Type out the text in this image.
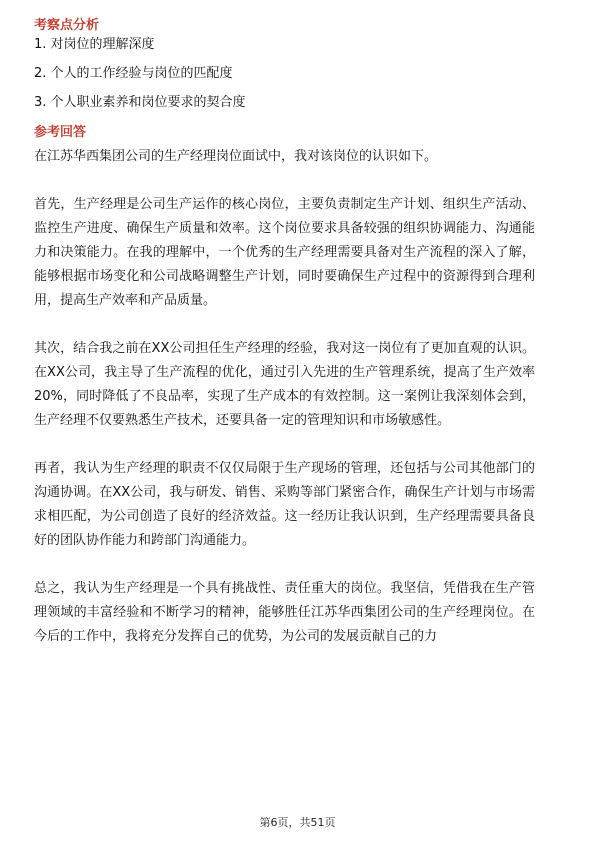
考察点分析

1. 对岗位的理解深度

2. 个人的工作经验与岗位的匹配度

3. 个人职业素养和岗位要求的契合度

参考回答

在江苏华西集团公司的生产经理岗位面试中，我对该岗位的认识如下。

首先，生产经理是公司生产运作的核心岗位，主要负责制定生产计划、组织生产活动、监控生产进度、确保生产质量和效率。这个岗位要求具备较强的组织协调能力、沟通能力和决策能力。在我的理解中，一个优秀的生产经理需要具备对生产流程的深入了解，能够根据市场变化和公司战略调整生产计划，同时要确保生产过程中的资源得到合理利用，提高生产效率和产品质量。

其次，结合我之前在XX公司担任生产经理的经验，我对这一岗位有了更加直观的认识。在XX公司，我主导了生产流程的优化，通过引入先进的生产管理系统，提高了生产效率20%，同时降低了不良品率，实现了生产成本的有效控制。这一案例让我深刻体会到，生产经理不仅要熟悉生产技术，还要具备一定的管理知识和市场敏感性。

再者，我认为生产经理的职责不仅仅局限于生产现场的管理，还包括与公司其他部门的沟通协调。在XX公司，我与研发、销售、采购等部门紧密合作，确保生产计划与市场需求相匹配，为公司创造了良好的经济效益。这一经历让我认识到，生产经理需要具备良好的团队协作能力和跨部门沟通能力。

总之，我认为生产经理是一个具有挑战性、责任重大的岗位。我坚信，凭借我在生产管理领域的丰富经验和不断学习的精神，能够胜任江苏华西集团公司的生产经理岗位。在今后的工作中，我将充分发挥自己的优势，为公司的发展贡献自己的力

第6页，共51页
